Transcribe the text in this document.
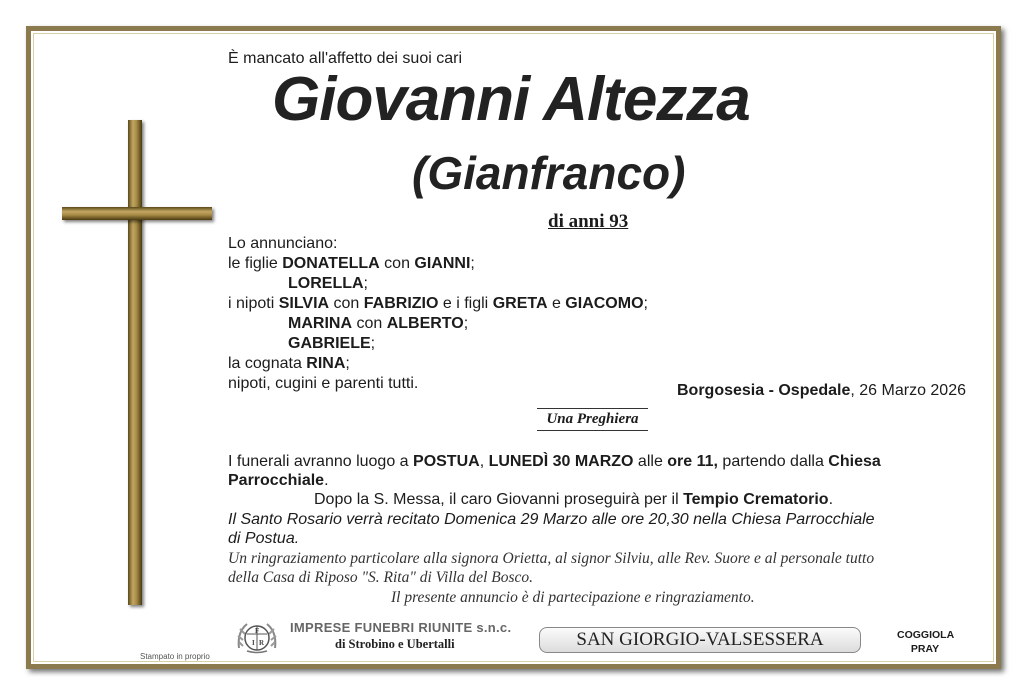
È mancato all'affetto dei suoi cari
Giovanni Altezza
(Gianfranco)
di anni 93
Lo annunciano:
le figlie DONATELLA con GIANNI;
LORELLA;
i nipoti SILVIA con FABRIZIO e i figli GRETA e GIACOMO;
MARINA con ALBERTO;
GABRIELE;
la cognata RINA;
nipoti, cugini e parenti tutti.	Borgosesia - Ospedale, 26 Marzo 2026
Una Preghiera
I funerali avranno luogo a POSTUA, LUNEDÌ 30 MARZO alle ore 11, partendo dalla Chiesa
Parrocchiale.
Dopo la S. Messa, il caro Giovanni proseguirà per il Tempio Crematorio.
Il Santo Rosario verrà recitato Domenica 29 Marzo alle ore 20,30 nella Chiesa Parrocchiale
di Postua.
Un ringraziamento particolare alla signora Orietta, al signor Silviu, alle Rev. Suore e al personale tutto
della Casa di Riposo "S. Rita" di Villa del Bosco.
Il presente annuncio è di partecipazione e ringraziamento.
Stampato in proprio
I
F
R
IMPRESE FUNEBRI RIUNITE s.n.c.
di Strobino e Ubertalli	SAN GIORGIO-VALSESSERA	COGGIOLA
PRAY
